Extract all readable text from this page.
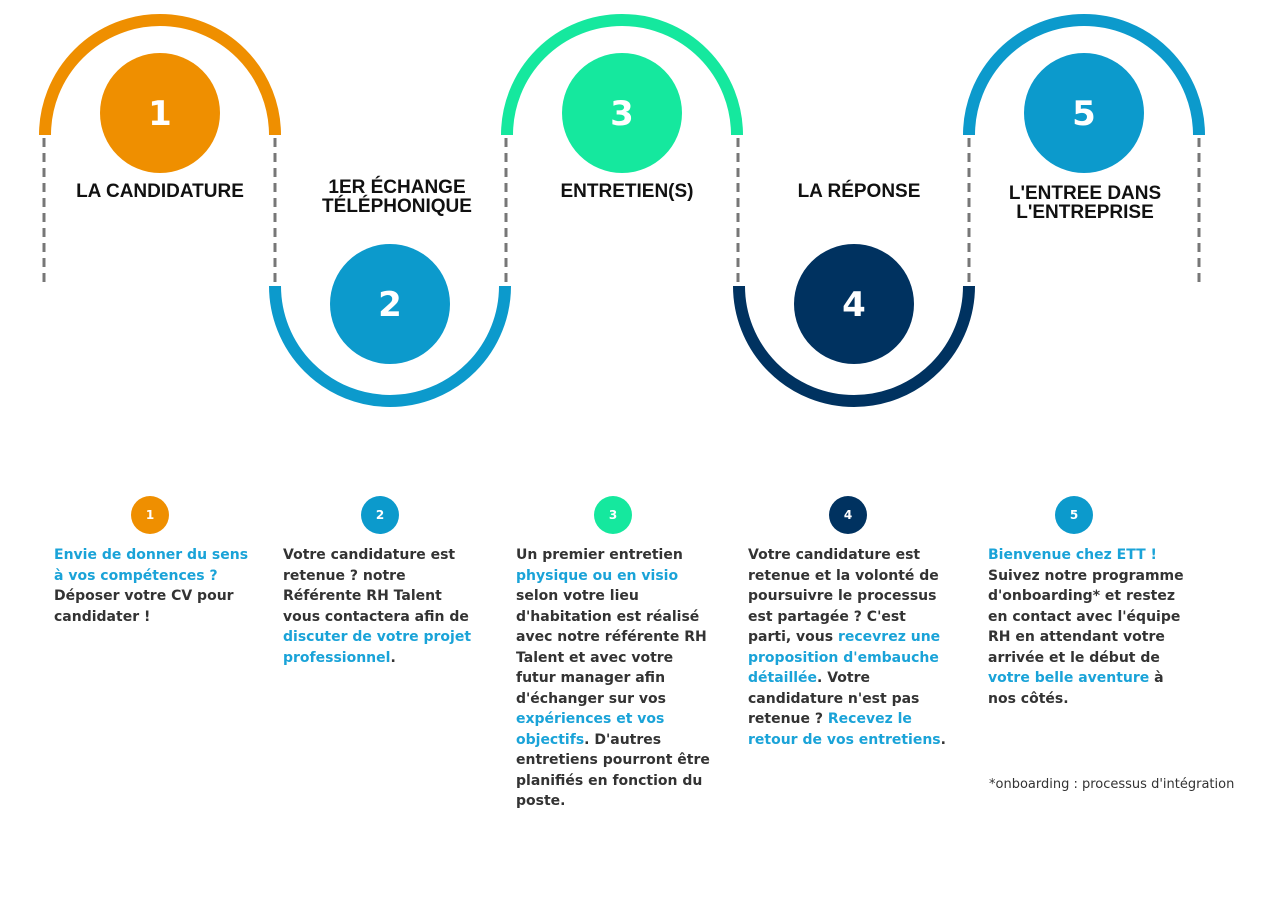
1
2
3
4
5
LA CANDIDATURE	1ER ÉCHANGE
TÉLÉPHONIQUE
ENTRETIEN(S)	LA RÉPONSE	L'ENTREE DANS
L'ENTREPRISE
1	2	3	4	5
Envie de donner du sens à vos compétences ? Déposer votre CV pour candidater !
Votre candidature est retenue ? notre Référente RH Talent vous contactera afin de discuter de votre projet professionnel.
Un premier entretien physique ou en visio selon votre lieu d'habitation est réalisé avec notre référente RH Talent et avec votre futur manager afin d'échanger sur vos expériences et vos objectifs. D'autres entretiens pourront être planifiés en fonction du poste.
Votre candidature est retenue et la volonté de poursuivre le processus est partagée ? C'est parti, vous recevrez une proposition d'embauche détaillée. Votre candidature n'est pas retenue ? Recevez le retour de vos entretiens.
Bienvenue chez ETT ! Suivez notre programme d'onboarding* et restez en contact avec l'équipe RH en attendant votre arrivée et le début de votre belle aventure à nos côtés.
*onboarding : processus d'intégration
